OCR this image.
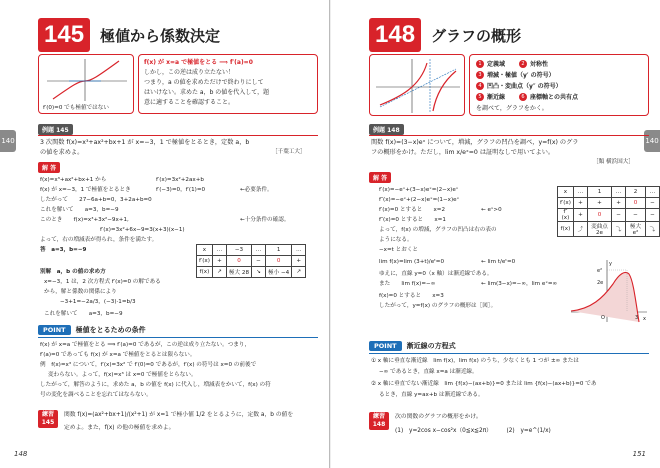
140
145	極値から係数決定
f′(0)=0 でも極値ではない
f(x) が x=a で極値をとる ⟹ f′(a)=0
しかし，この逆は成り立たない！
つまり，a の値を求めただけで終わりにして
はいけない。求めた a，b の値を代入して，題
意に適することを確認すること。
例題 145
3 次関数 f(x)=x³+ax²+bx+1 が x=−3，1 で極値をとるとき，定数 a，b
の値を求めよ。	［千葉工大］
解 答
f(x)=x³+ax²+bx+1 から
f(x) が x=−3，1 で極値をとるとき
したがって　　27−6a+b=0，3+2a+b=0
これを解いて　　a=3，b=−9
このとき　　f(x)=x³+3x²−9x+1,
よって，右の増減表が得られ，条件を満たす。
答　a=3，b=−9
f′(x)=3x²+2ax+b
f′(−3)=0，f′(1)=0
f′(x)=3x²+6x−9=3(x+3)(x−1)
←必要条件。
←十分条件の確認。
x	…	−3	…	1	…
f′(x)	+	0	−	0	+
f(x)	↗	極大 28	↘	極小 −4	↗
別解　a，b の値の求め方
x=−3，1 は，2 次方程式 f′(x)=0 の解である
から，解と係数の関係により
−3+1=−2a/3，(−3)·1=b/3
これを解いて　　a=3，b=−9
POINT	極値をとるための条件
f(x) が x=a で極値をとる ⟹ f′(a)=0 であるが，この逆は成り立たない。つまり，
f′(a)=0 であっても f(x) が x=a で極値をとるとは限らない。
例　f(x)=x³ について，f′(x)=3x² で f′(0)=0 であるが，f′(x) の符号は x=0 の前後で
変わらない。よって，f(x)=x³ は x=0 で極値をとらない。
したがって，解答のように，求めた a，b の値を f(x) に代入し，増減表をかいて，f(x) の符
号の変化を調べることを忘れてはならない。
練習 145
関数 f(x)=(ax²+bx+1)/(x²+1) が x=1 で極小値 1/2 をとるように，定数 a，b の値を
定めよ。また，f(x) の他の極値を求めよ。
148
140
148	グラフの概形
1 定義域	2 対称性
3 増減・極値（y′ の符号）
4 凹凸・変曲点（y″ の符号）
5 漸近線	6 座標軸との共有点
を調べて，グラフをかく。
例題 148
関数 f(x)=(3−x)eˣ について，増減，グラフの凹凸を調べ，y=f(x) のグラ
フの概形をかけ。ただし，lim x/eˣ=0 は証明なしで用いてよい。
［類 横浜国大］
解 答
f′(x)=−eˣ+(3−x)eˣ=(2−x)eˣ
f″(x)=−eˣ+(2−x)eˣ=(1−x)eˣ
f′(x)=0 とすると　　x=2
f″(x)=0 とすると　　x=1
よって，f(x) の増減，グラフの凹凸は右の表の
ようになる。
−x=t とおくと
lim f(x)=lim (3+t)/eᵗ=0
ゆえに，直線 y=0（x 軸）は漸近線である。
また　　lim f(x)=−∞
f(x)=0 とすると　　x=3
したがって，y=f(x) のグラフの概形は［図］。
← eˣ>0
← lim t/eᵗ=0
← lim(3−x)=−∞，lim eˣ=∞
x	…	1	…	2	…
f′(x)	+	+	+	0	−
f″(x)	+	0	−	−	−
f(x)	⤴	変曲点 2e	⤵	極大 e²	⤵
y
x
O
e²
2e
3
POINT	漸近線の方程式
① x 軸に垂直な漸近線　lim f(x)，lim f(x) のうち，少なくとも 1 つが ±∞ または
−∞ であるとき，直線 x=a は漸近線。
② x 軸に垂直でない漸近線　lim {f(x)−(ax+b)}=0 または lim {f(x)−(ax+b)}=0 であ
るとき，直線 y=ax+b は漸近線である。
練習 148
次の関数のグラフの概形をかけ。
(1)　y=2cos x−cos²x（0≦x≦2π）　　　(2)　y=e^(1/x)
151
